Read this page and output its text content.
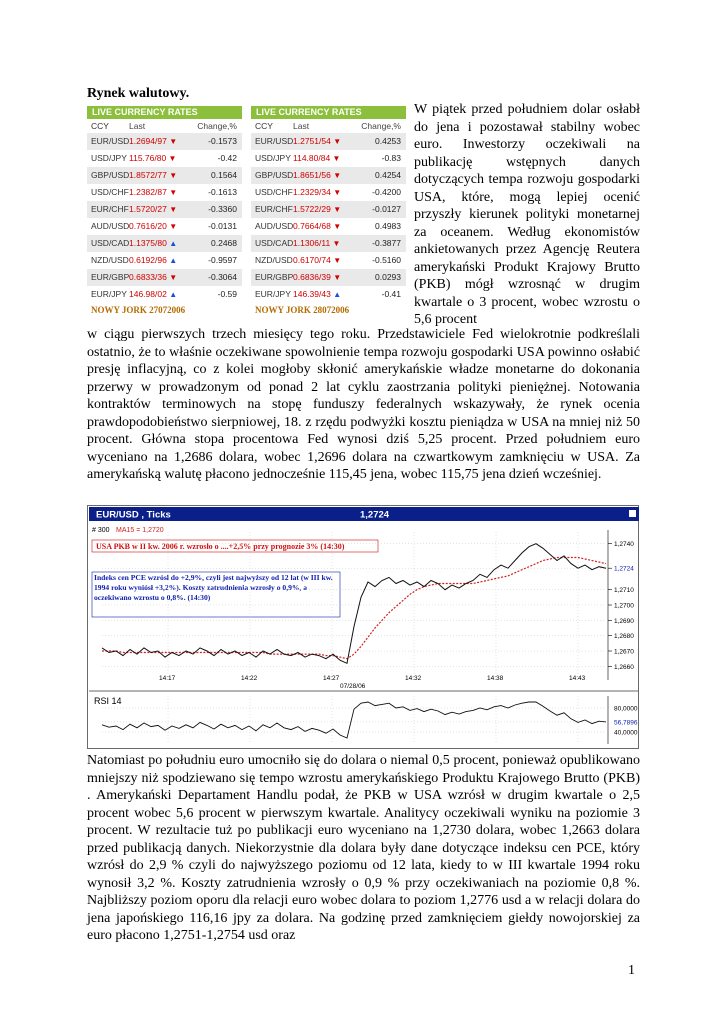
Rynek walutowy.
LIVE CURRENCY RATES
CCY	Last	Change,%
EUR/USD 1.2694/97 ▼	-0.1573
USD/JPY 115.76/80 ▼	-0.42
GBP/USD 1.8572/77 ▼	0.1564
USD/CHF 1.2382/87 ▼	-0.1613
EUR/CHF 1.5720/27 ▼	-0.3360
AUD/USD 0.7616/20 ▼	-0.0131
USD/CAD 1.1375/80 ▲	0.2468
NZD/USD 0.6192/96 ▲	-0.9597
EUR/GBP 0.6833/36 ▼	-0.3064
EUR/JPY 146.98/02 ▲	-0.59
NOWY JORK 27072006
LIVE CURRENCY RATES
CCY	Last	Change,%
EUR/USD 1.2751/54 ▼	0.4253
USD/JPY 114.80/84 ▼	-0.83
GBP/USD 1.8651/56 ▼	0.4254
USD/CHF 1.2329/34 ▼	-0.4200
EUR/CHF 1.5722/29 ▼	-0.0127
AUD/USD 0.7664/68 ▼	0.4983
USD/CAD 1.1306/11 ▼	-0.3877
NZD/USD 0.6170/74 ▼	-0.5160
EUR/GBP 0.6836/39 ▼	0.0293
EUR/JPY 146.39/43 ▲	-0.41
NOWY JORK 28072006
W piątek przed południem dolar osłabł do jena i pozostawał stabilny wobec euro. Inwestorzy oczekiwali na publikację wstępnych danych dotyczących tempa rozwoju gospodarki USA, które, mogą lepiej ocenić przyszły kierunek polityki monetarnej za oceanem. Według ekonomistów ankietowanych przez Agencję Reutera amerykański Produkt Krajowy Brutto (PKB) mógł wzrosnąć w drugim kwartale o 3 procent, wobec wzrostu o 5,6 procent
w ciągu pierwszych trzech miesięcy tego roku. Przedstawiciele Fed wielokrotnie podkreślali ostatnio, że to właśnie oczekiwane spowolnienie tempa rozwoju gospodarki USA powinno osłabić presję inflacyjną, co z kolei mogłoby skłonić amerykańskie władze monetarne do dokonania przerwy w prowadzonym od ponad 2 lat cyklu zaostrzania polityki pieniężnej. Notowania kontraktów terminowych na stopę funduszy federalnych wskazywały, że rynek ocenia prawdopodobieństwo sierpniowej, 18. z rzędu podwyżki kosztu pieniądza w USA na mniej niż 50 procent. Główna stopa procentowa Fed wynosi dziś 5,25 procent. Przed południem euro wyceniano na 1,2686 dolara, wobec 1,2696 dolara na czwartkowym zamknięciu w USA. Za amerykańską walutę płacono jednocześnie 115,45 jena, wobec 115,75 jena dzień wcześniej.
EUR/USD , Ticks	1,2724
# 300 MA15 = 1,2720
USA PKB w II kw. 2006 r. wzrosło o ....+2,5% przy prognozie 3% (14:30)
Indeks cen PCE wzrósł do +2,9%, czyli jest najwyższy od 12 lat (w III kw. 1994 roku wyniósł +3,2%). Koszty zatrudnienia wzrosły o 0,9%, a oczekiwano wzrostu o 0,8%. (14:30)
1,2740
1,2724
1,2710
1,2700
1,2690
1,2680
1,2670
1,2660
14:17	14:22	14:27	14:32	14:38	14:43
07/28/06
RSI 14
80,0000
56,7896
40,0000
Natomiast po południu euro umocniło się do dolara o niemal 0,5 procent, ponieważ opublikowano mniejszy niż spodziewano się tempo wzrostu amerykańskiego Produktu Krajowego Brutto (PKB) . Amerykański Departament Handlu podał, że PKB w USA wzrósł w drugim kwartale o 2,5 procent wobec 5,6 procent w pierwszym kwartale. Analitycy oczekiwali wyniku na poziomie 3 procent. W rezultacie tuż po publikacji euro wyceniano na 1,2730 dolara, wobec 1,2663 dolara przed publikacją danych. Niekorzystnie dla dolara były dane dotyczące indeksu cen PCE, który wzrósł do 2,9 % czyli do najwyższego poziomu od 12 lata, kiedy to w III kwartale 1994 roku wynosił 3,2 %. Koszty zatrudnienia wzrosły o 0,9 % przy oczekiwaniach na poziomie 0,8 %. Najbliższy poziom oporu dla relacji euro wobec dolara to poziom 1,2776 usd a w relacji dolara do jena japońskiego 116,16 jpy za dolara. Na godzinę przed zamknięciem giełdy nowojorskiej za euro płacono 1,2751-1,2754 usd oraz
1
